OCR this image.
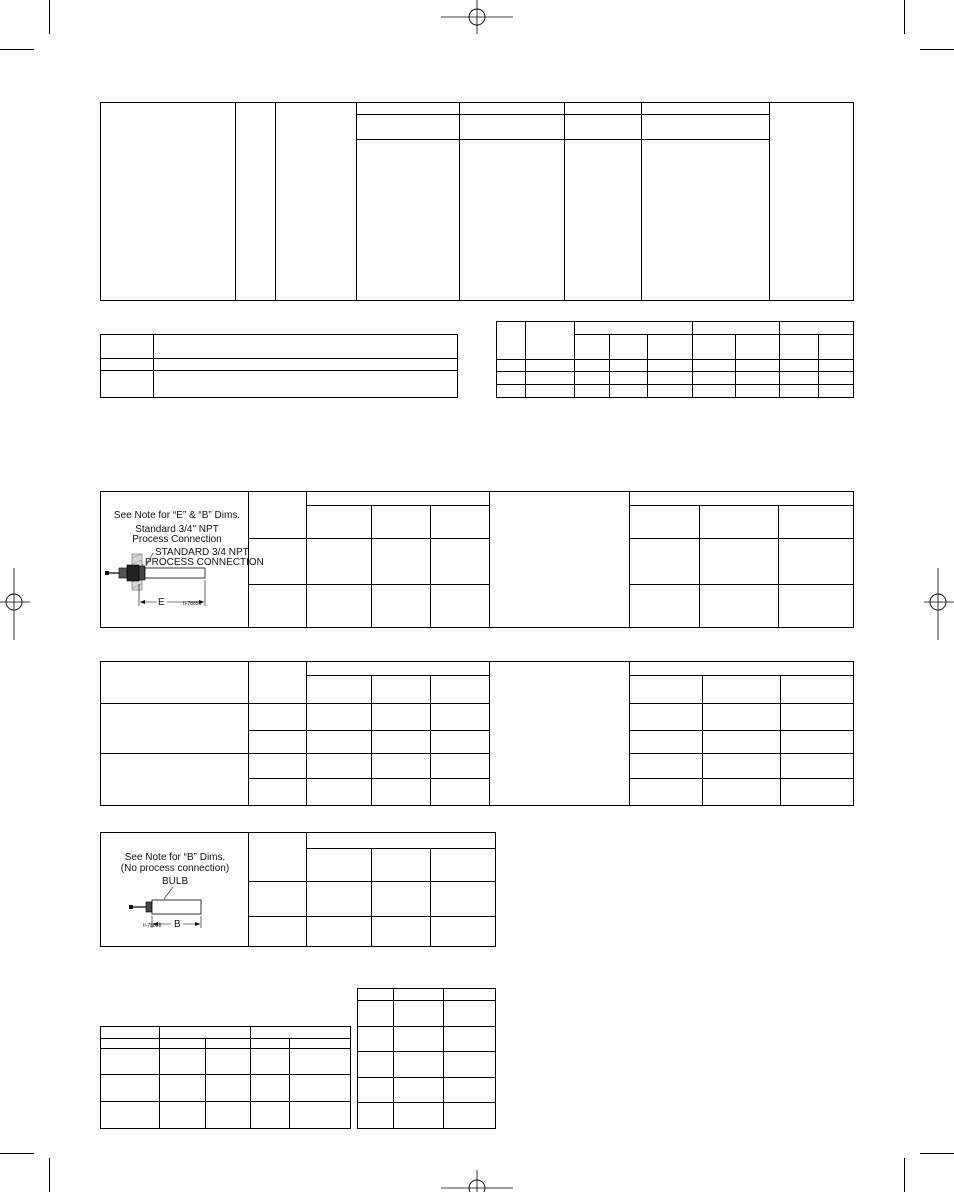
See Note for “E” & “B” Dims.
Standard 3/4" NPT
Process Connection
STANDARD 3/4 NPT
PROCESS CONNECTION
E	II-78856
See Note for “B” Dims.
(No process connection)
BULB
B
II-78858
